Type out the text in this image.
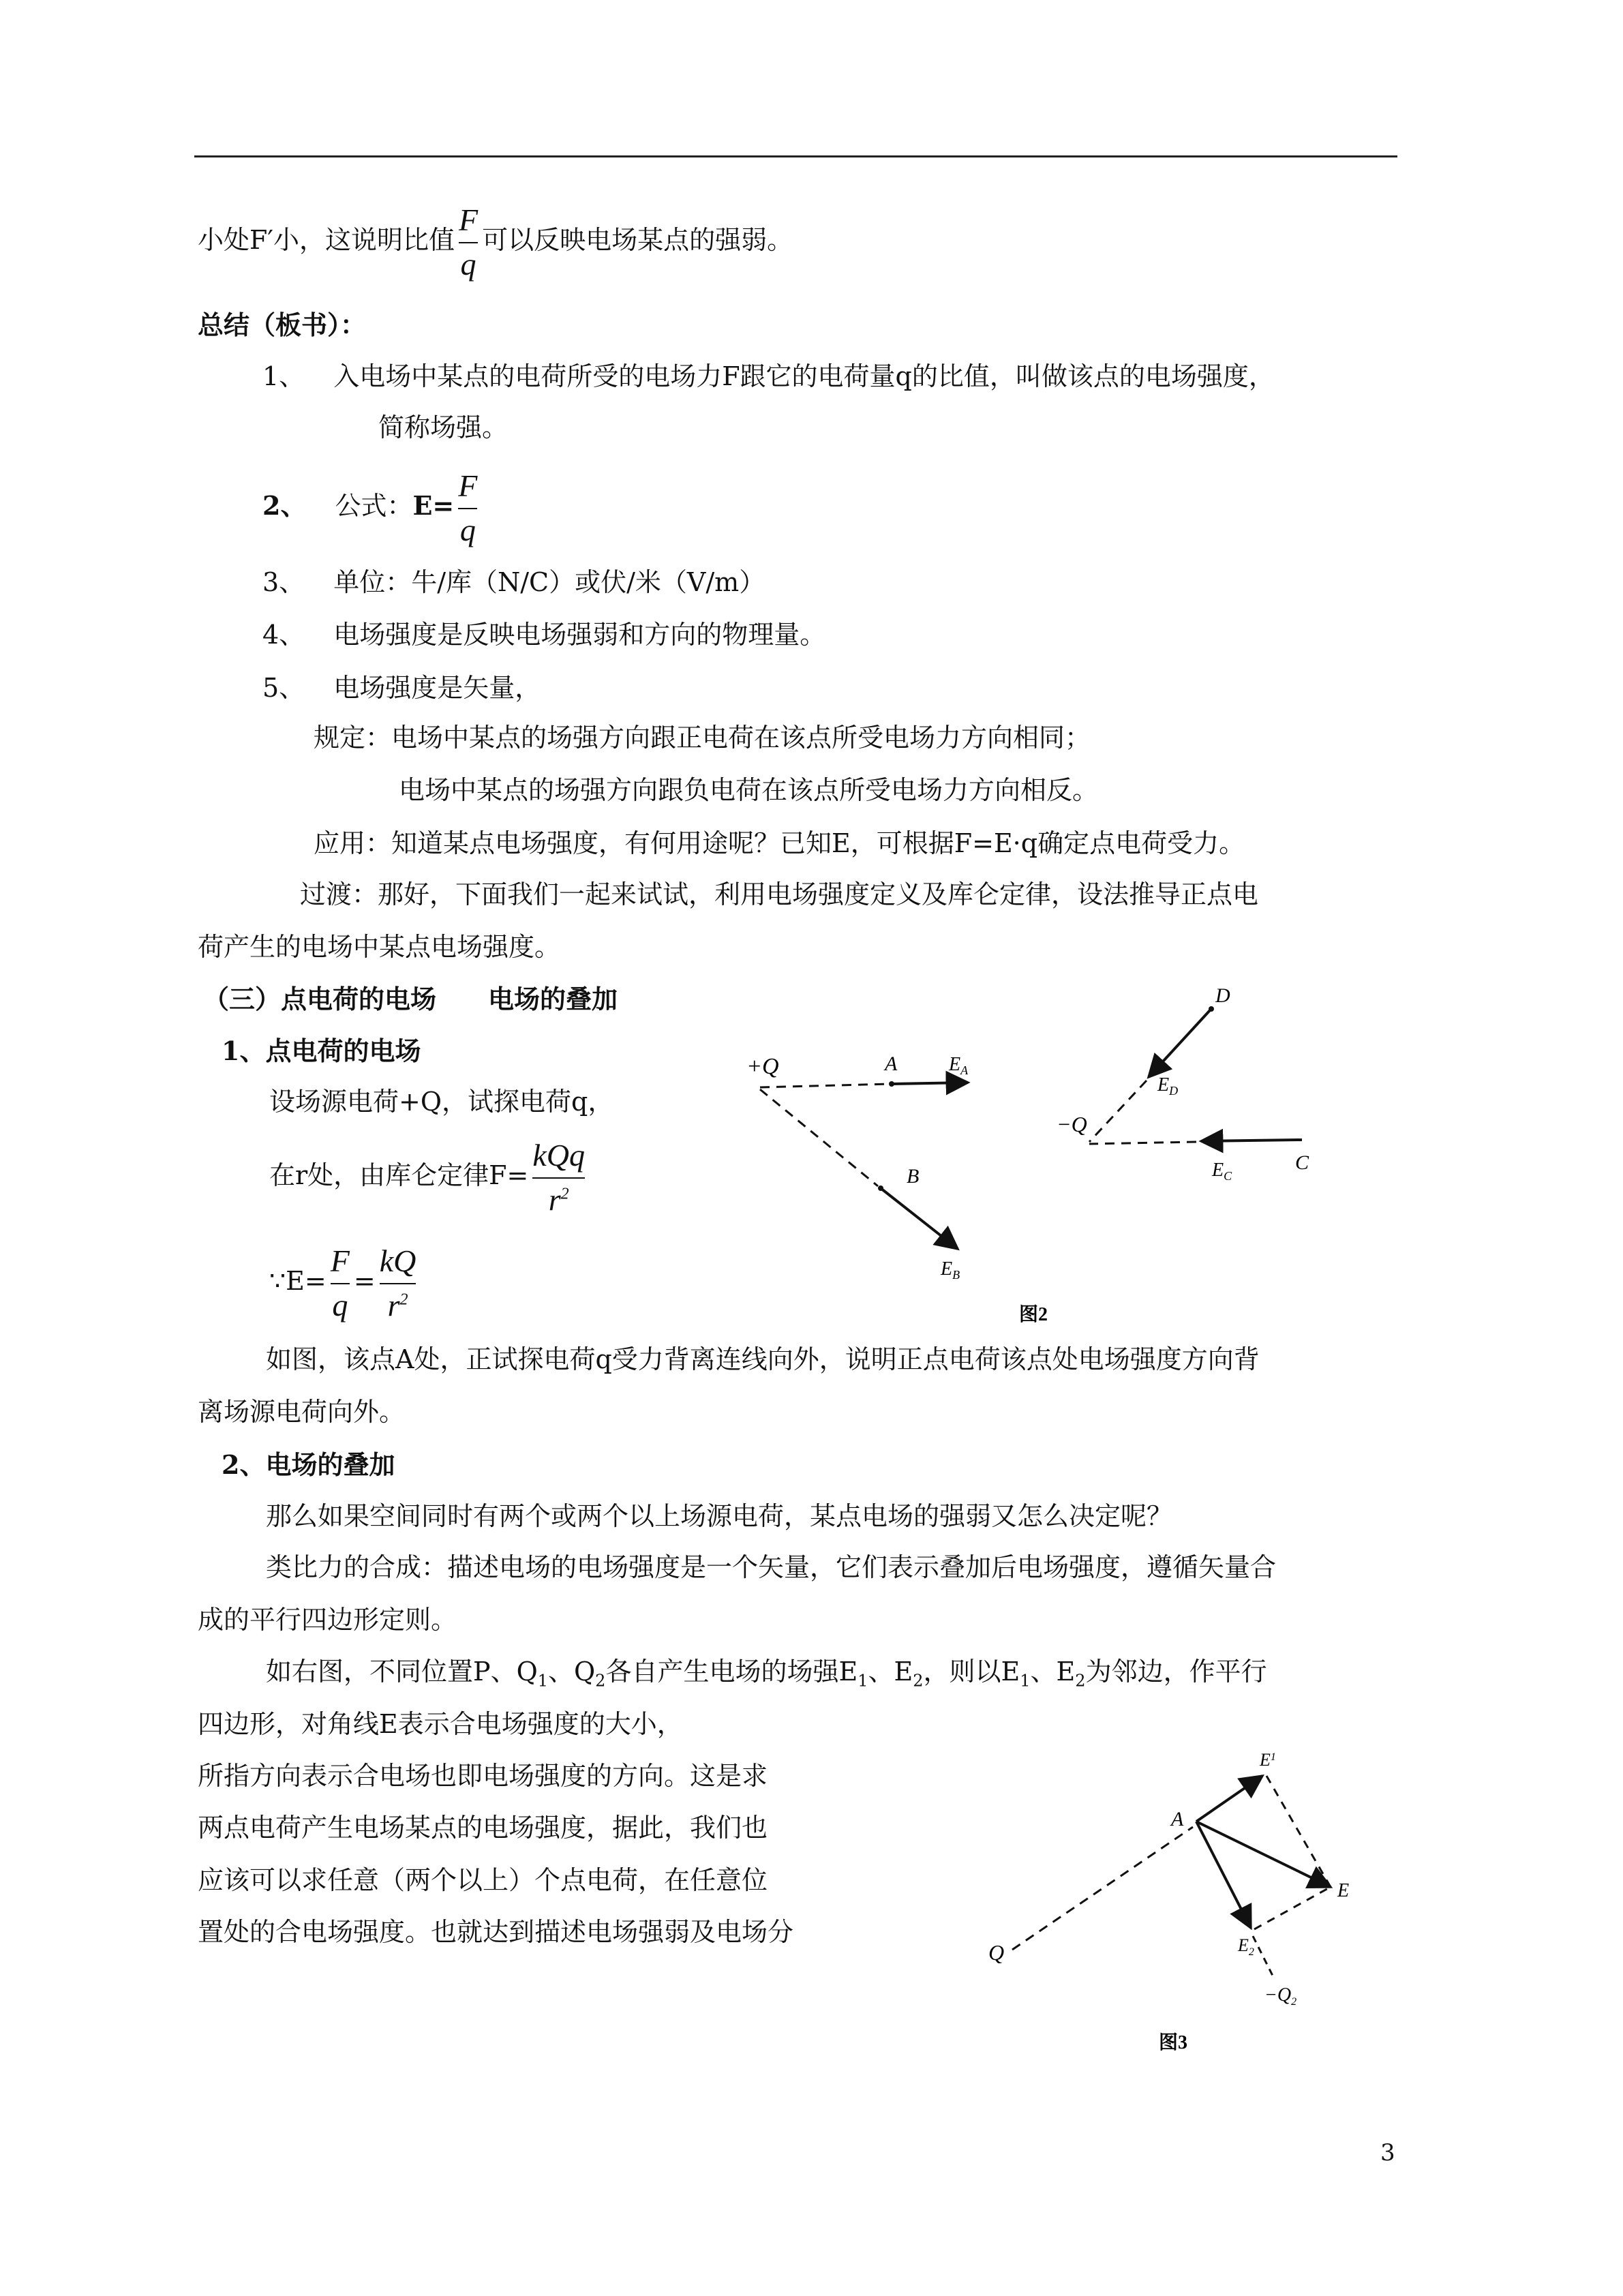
小处F′小，这说明比值 $\frac{F}{q}$ 可以反映电场某点的强弱。
总结（板书）：
1、 入电场中某点的电荷所受的电场力F跟它的电荷量q的比值，叫做该点的电场强度，
简称场强。
2、 公式：$E= \frac{F}{q}$
3、 单位：牛/库（N/C）或伏/米（V/m）
4、 电场强度是反映电场强弱和方向的物理量。
5、 电场强度是矢量，
规定：电场中某点的场强方向跟正电荷在该点所受电场力方向相同；
电场中某点的场强方向跟负电荷在该点所受电场力方向相反。
应用：知道某点电场强度，有何用途呢？已知E，可根据F=E·q确定点电荷受力。
过渡：那好，下面我们一起来试试，利用电场强度定义及库仑定律，设法推导正点电
荷产生的电场中某点电场强度。
（三）点电荷的电场　　电场的叠加
1、点电荷的电场
设场源电荷+Q，试探电荷q，
在r处，由库仑定律$F= \frac{\text{kQq}}{r^2}$
∵E= $\frac{F}{q} = \frac{kQ}{r^2}$
如图，该点A处，正试探电荷q受力背离连线向外，说明正点电荷该点处电场强度方向背
离场源电荷向外。
2、电场的叠加
那么如果空间同时有两个或两个以上场源电荷，某点电场的强弱又怎么决定呢？
类比力的合成：描述电场的电场强度是一个矢量，它们表示叠加后电场强度，遵循矢量合
成的平行四边形定则。
如右图，不同位置P、$Q_1$、$Q_2$各自产生电场的场强$E_1$、$E_2$，则以$E_1$、$E_2$为邻边，作平行
四边形，对角线E表示合电场强度的大小，
所指方向表示合电场也即电场强度的方向。这是求
两点电荷产生电场某点的电场强度，据此，我们也
应该可以求任意（两个以上）个点电荷，在任意位
置处的合电场强度。也就达到描述电场强弱及电场分
+Q	A	$E_A$
B
$E_B$
−Q
D
$E_D$
C
$E_C$
图2
Q
A
$E^1$
E
$E_2$
$-Q_2$
图3
3
